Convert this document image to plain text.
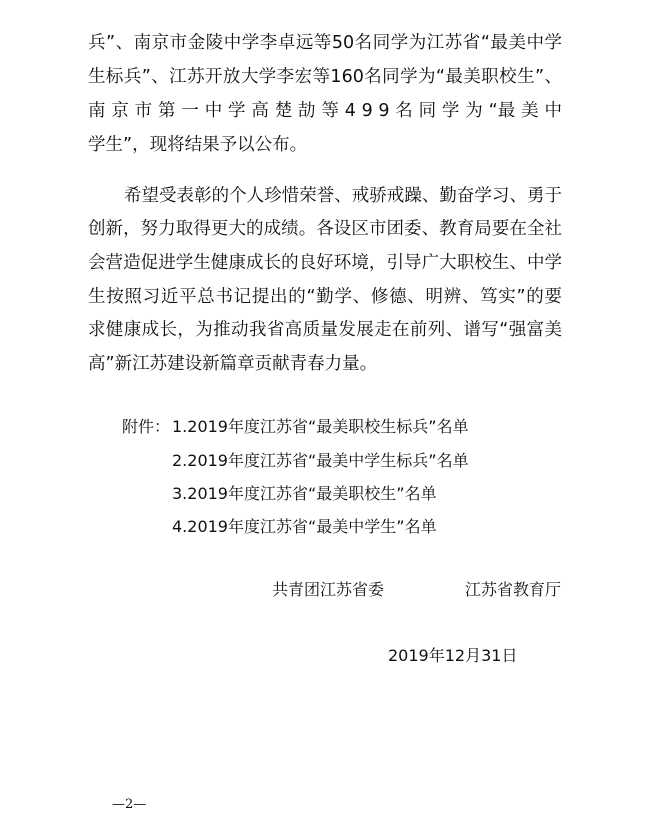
兵”、南京市金陵中学李卓远等50名同学为江苏省“最美中学
生标兵”、江苏开放大学李宏等160名同学为“最美职校生”、
南 京 市 第 一 中 学 高 楚 劼 等 4 9 9 名 同 学 为 “最 美 中
学生”，现将结果予以公布。
希望受表彰的个人珍惜荣誉、戒骄戒躁、勤奋学习、勇于
创新，努力取得更大的成绩。各设区市团委、教育局要在全社
会营造促进学生健康成长的良好环境，引导广大职校生、中学
生按照习近平总书记提出的“勤学、修德、明辨、笃实”的要
求健康成长，为推动我省高质量发展走在前列、谱写“强富美
高”新江苏建设新篇章贡献青春力量。
附件： 1.2019年度江苏省“最美职校生标兵”名单
2.2019年度江苏省“最美中学生标兵”名单
3.2019年度江苏省“最美职校生”名单
4.2019年度江苏省“最美中学生”名单
共青团江苏省委	江苏省教育厅
2019年12月31日
—2—
